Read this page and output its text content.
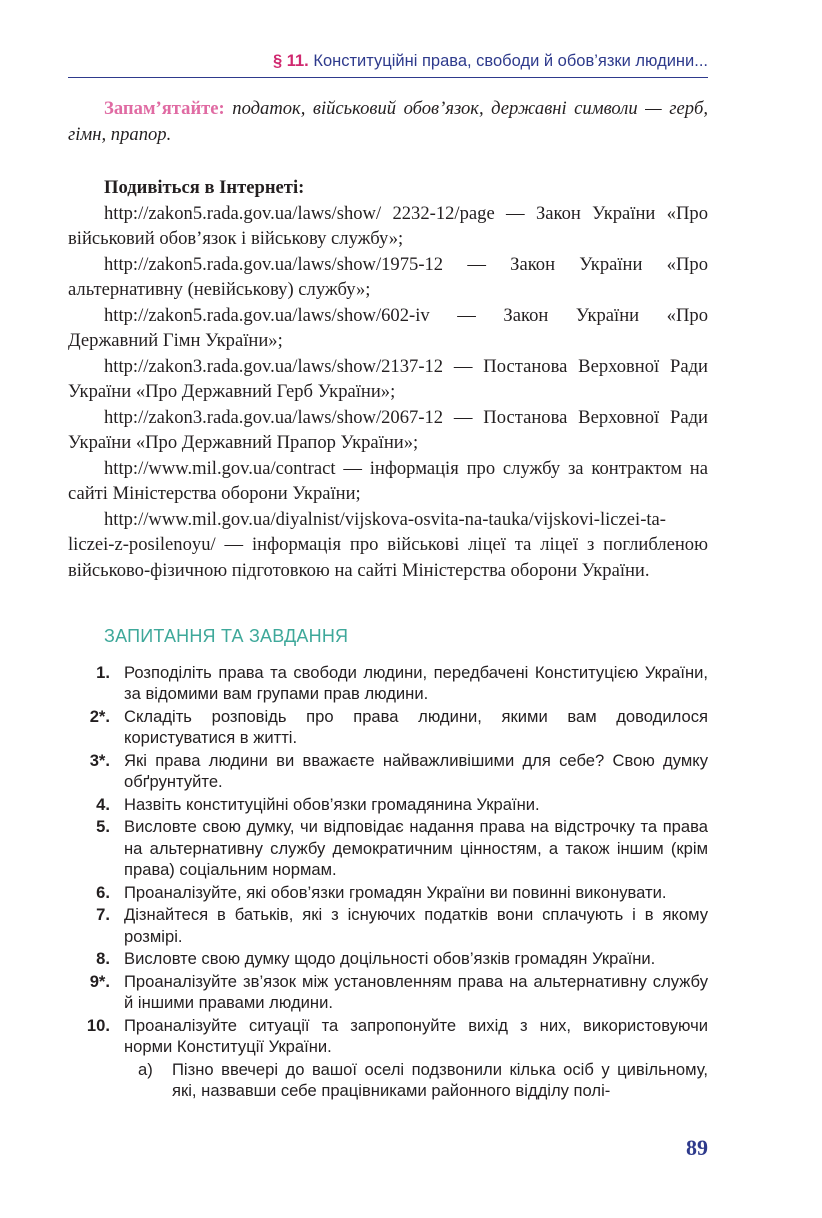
§ 11. Конституційні права, свободи й обов’язки людини...

Запам’ятайте: податок, військовий обов’язок, державні символи — герб, гімн, прапор.

Подивіться в Інтернеті:

http://zakon5.rada.gov.ua/laws/show/ 2232-12/page — Закон України «Про військовий обов’язок і військову службу»;

http://zakon5.rada.gov.ua/laws/show/1975-12 — Закон України «Про альтернативну (невійськову) службу»;

http://zakon5.rada.gov.ua/laws/show/602-iv — Закон України «Про Державний Гімн України»;

http://zakon3.rada.gov.ua/laws/show/2137-12 — Постанова Верховної Ради України «Про Державний Герб України»;

http://zakon3.rada.gov.ua/laws/show/2067-12 — Постанова Верховної Ради України «Про Державний Прапор України»;

http://www.mil.gov.ua/contract — інформація про службу за контрактом на сайті Міністерства оборони України;

http://www.mil.gov.ua/diyalnist/vijskova-osvita-na-tauka/vijskovi-liczei-ta-liczei-z-posilenoyu/ — інформація про військові ліцеї та ліцеї з поглибленою військово-фізичною підготовкою на сайті Міністерства оборони України.

ЗАПИТАННЯ ТА ЗАВДАННЯ
1. Розподіліть права та свободи людини, передбачені Конституцією України, за відомими вам групами прав людини.
2*. Складіть розповідь про права людини, якими вам доводилося користуватися в житті.
3*. Які права людини ви вважаєте найважливішими для себе? Свою думку обґрунтуйте.
4. Назвіть конституційні обов’язки громадянина України.
5. Висловте свою думку, чи відповідає надання права на відстрочку та права на альтернативну службу демократичним цінностям, а також іншим (крім права) соціальним нормам.
6. Проаналізуйте, які обов’язки громадян України ви повинні виконувати.
7. Дізнайтеся в батьків, які з існуючих податків вони сплачують і в якому розмірі.
8. Висловте свою думку щодо доцільності обов’язків громадян України.
9*. Проаналізуйте зв’язок між установленням права на альтернативну службу й іншими правами людини.
10. Проаналізуйте ситуації та запропонуйте вихід з них, використовуючи норми Конституції України.
а)	Пізно ввечері до вашої оселі подзвонили кілька осіб у цивільному, які, назвавши себе працівниками районного відділу полі-
89
